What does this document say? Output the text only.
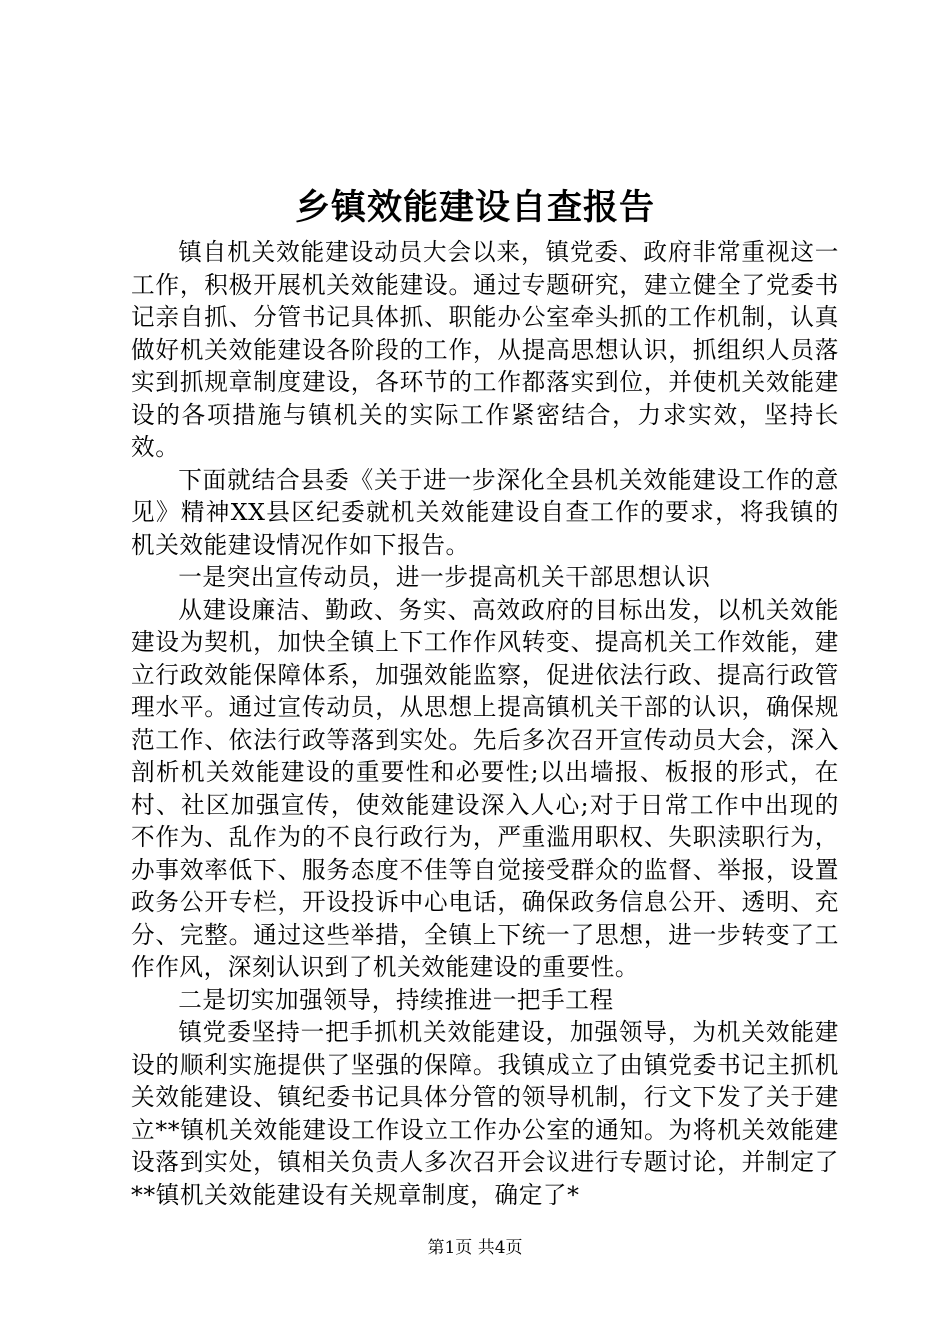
乡镇效能建设自查报告

镇自机关效能建设动员大会以来，镇党委、政府非常重视这一工作，积极开展机关效能建设。通过专题研究，建立健全了党委书记亲自抓、分管书记具体抓、职能办公室牵头抓的工作机制，认真做好机关效能建设各阶段的工作，从提高思想认识，抓组织人员落实到抓规章制度建设，各环节的工作都落实到位，并使机关效能建设的各项措施与镇机关的实际工作紧密结合，力求实效，坚持长效。

下面就结合县委《关于进一步深化全县机关效能建设工作的意见》精神XX县区纪委就机关效能建设自查工作的要求，将我镇的机关效能建设情况作如下报告。

一是突出宣传动员，进一步提高机关干部思想认识

从建设廉洁、勤政、务实、高效政府的目标出发，以机关效能建设为契机，加快全镇上下工作作风转变、提高机关工作效能，建立行政效能保障体系，加强效能监察，促进依法行政、提高行政管理水平。通过宣传动员，从思想上提高镇机关干部的认识，确保规范工作、依法行政等落到实处。先后多次召开宣传动员大会，深入剖析机关效能建设的重要性和必要性;以出墙报、板报的形式，在村、社区加强宣传，使效能建设深入人心;对于日常工作中出现的不作为、乱作为的不良行政行为，严重滥用职权、失职渎职行为，办事效率低下、服务态度不佳等自觉接受群众的监督、举报，设置政务公开专栏，开设投诉中心电话，确保政务信息公开、透明、充分、完整。通过这些举措，全镇上下统一了思想，进一步转变了工作作风，深刻认识到了机关效能建设的重要性。

二是切实加强领导，持续推进一把手工程

镇党委坚持一把手抓机关效能建设，加强领导，为机关效能建设的顺利实施提供了坚强的保障。我镇成立了由镇党委书记主抓机关效能建设、镇纪委书记具体分管的领导机制，行文下发了关于建立**镇机关效能建设工作设立工作办公室的通知。为将机关效能建设落到实处，镇相关负责人多次召开会议进行专题讨论，并制定了**镇机关效能建设有关规章制度，确定了*

第1页 共4页
